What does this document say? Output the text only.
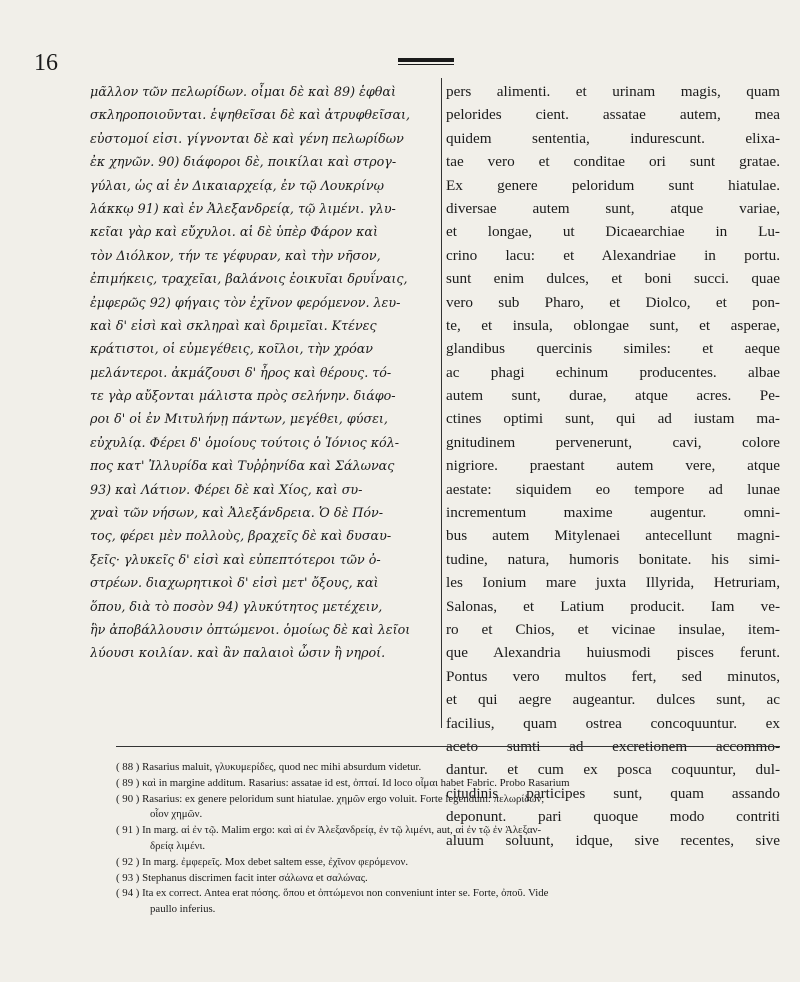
16
μᾶλλον τῶν πελωρίδων. οἶμαι δὲ καὶ 89) ἑφθαὶ
σκληροποιοῦνται. ἑψηθεῖσαι δὲ καὶ ἀτρυφθεῖσαι,
εὐστομοί εἰσι. γίγνονται δὲ καὶ γένη πελωρίδων
ἐκ χηνῶν. 90) διάφοροι δὲ, ποικίλαι καὶ στρογ-
γύλαι, ὡς αἱ ἐν Δικαιαρχείᾳ, ἐν τῷ Λουκρίνῳ
λάκκῳ 91) καὶ ἐν Ἀλεξανδρείᾳ, τῷ λιμένι. γλυ-
κεῖαι γὰρ καὶ εὔχυλοι. αἱ δὲ ὑπὲρ Φάρον καὶ
τὸν Διόλκον, τήν τε γέφυραν, καὶ τὴν νῆσον,
ἐπιμήκεις, τραχεῖαι, βαλάνοις ἐοικυῖαι δρυΐναις,
ἐμφερῶς 92) φήγαις τὸν ἐχῖνον φερόμενον. λευ-
καὶ δ' εἰσὶ καὶ σκληραὶ καὶ δριμεῖαι. Κτένες
κράτιστοι, οἱ εὐμεγέθεις, κοῖλοι, τὴν χρόαν
μελάντεροι. ἀκμάζουσι δ' ἦρος καὶ θέρους. τό-
τε γὰρ αὔξονται μάλιστα πρὸς σελήνην. διάφο-
ροι δ' οἱ ἐν Μιτυλήνῃ πάντων, μεγέθει, φύσει,
εὐχυλίᾳ. Φέρει δ' ὁμοίους τούτοις ὁ Ἰόνιος κόλ-
πος κατ' Ἰλλυρίδα καὶ Τυῤῥηνίδα καὶ Σάλωνας
93) καὶ Λάτιον. Φέρει δὲ καὶ Χίος, καὶ συ-
χναὶ τῶν νήσων, καὶ Ἀλεξάνδρεια. Ὁ δὲ Πόν-
τος, φέρει μὲν πολλοὺς, βραχεῖς δὲ καὶ δυσαυ-
ξεῖς· γλυκεῖς δ' εἰσὶ καὶ εὐπεπτότεροι τῶν ὀ-
στρέων. διαχωρητικοὶ δ' εἰσὶ μετ' ὄξους, καὶ
ὅπου, διὰ τὸ ποσὸν 94) γλυκύτητος μετέχειν,
ἣν ἀποβάλλουσιν ὀπτώμενοι. ὁμοίως δὲ καὶ λεῖοι
λύουσι κοιλίαν. καὶ ἂν παλαιοὶ ὦσιν ἢ νηροί.
pers alimenti. et urinam magis, quam
pelorides cient. assatae autem, mea
quidem sententia, indurescunt. elixa-
tae vero et conditae ori sunt gratae.
Ex genere peloridum sunt hiatulae.
diversae autem sunt, atque variae,
et longae, ut Dicaearchiae in Lu-
crino lacu: et Alexandriae in portu.
sunt enim dulces, et boni succi. quae
vero sub Pharo, et Diolco, et pon-
te, et insula, oblongae sunt, et asperae,
glandibus quercinis similes: et aeque
ac phagi echinum producentes. albae
autem sunt, durae, atque acres. Pe-
ctines optimi sunt, qui ad iustam ma-
gnitudinem pervenerunt, cavi, colore
nigriore. praestant autem vere, atque
aestate: siquidem eo tempore ad lunae
incrementum maxime augentur. omni-
bus autem Mitylenaei antecellunt magni-
tudine, natura, humoris bonitate. his simi-
les Ionium mare juxta Illyrida, Hetruriam,
Salonas, et Latium producit. Iam ve-
ro et Chios, et vicinae insulae, item-
que Alexandria huiusmodi pisces ferunt.
Pontus vero multos fert, sed minutos,
et qui aegre augeantur. dulces sunt, ac
facilius, quam ostrea concoquuntur. ex
aceto sumti ad excretionem accommo-
dantur. et cum ex posca coquuntur, dul-
citudinis participes sunt, quam assando
deponunt. pari quoque modo contriti
aluum soluunt, idque, sive recentes, sive
( 88 ) Rasarius maluit, γλυκυμερίδες, quod nec mihi absurdum videtur.
( 89 ) καὶ in margine additum. Rasarius: assatae id est, ὀπταί. Id loco οἶμαι habet Fabric. Probo Rasarium
( 90 ) Rasarius: ex genere peloridum sunt hiatulae. χημῶν ergo voluit. Forte legendum: πελωρίδων,
οἷον χημῶν.
( 91 ) In marg. αἱ ἐν τῷ. Malim ergo: καὶ αἱ ἐν Ἀλεξανδρείᾳ, ἐν τῷ λιμένι, aut, αἱ ἐν τῷ ἐν Ἀλεξαν-
δρείᾳ λιμένι.
( 92 ) In marg. ἐμφερεῖς. Mox debet saltem esse, ἐχῖνον φερόμενον.
( 93 ) Stephanus discrimen facit inter σάλωνα et σαλώνας.
( 94 ) Ita ex correct. Antea erat πόσης. ὅπου et ὀπτώμενοι non conveniunt inter se. Forte, ὀποῦ. Vide
paullo inferius.
